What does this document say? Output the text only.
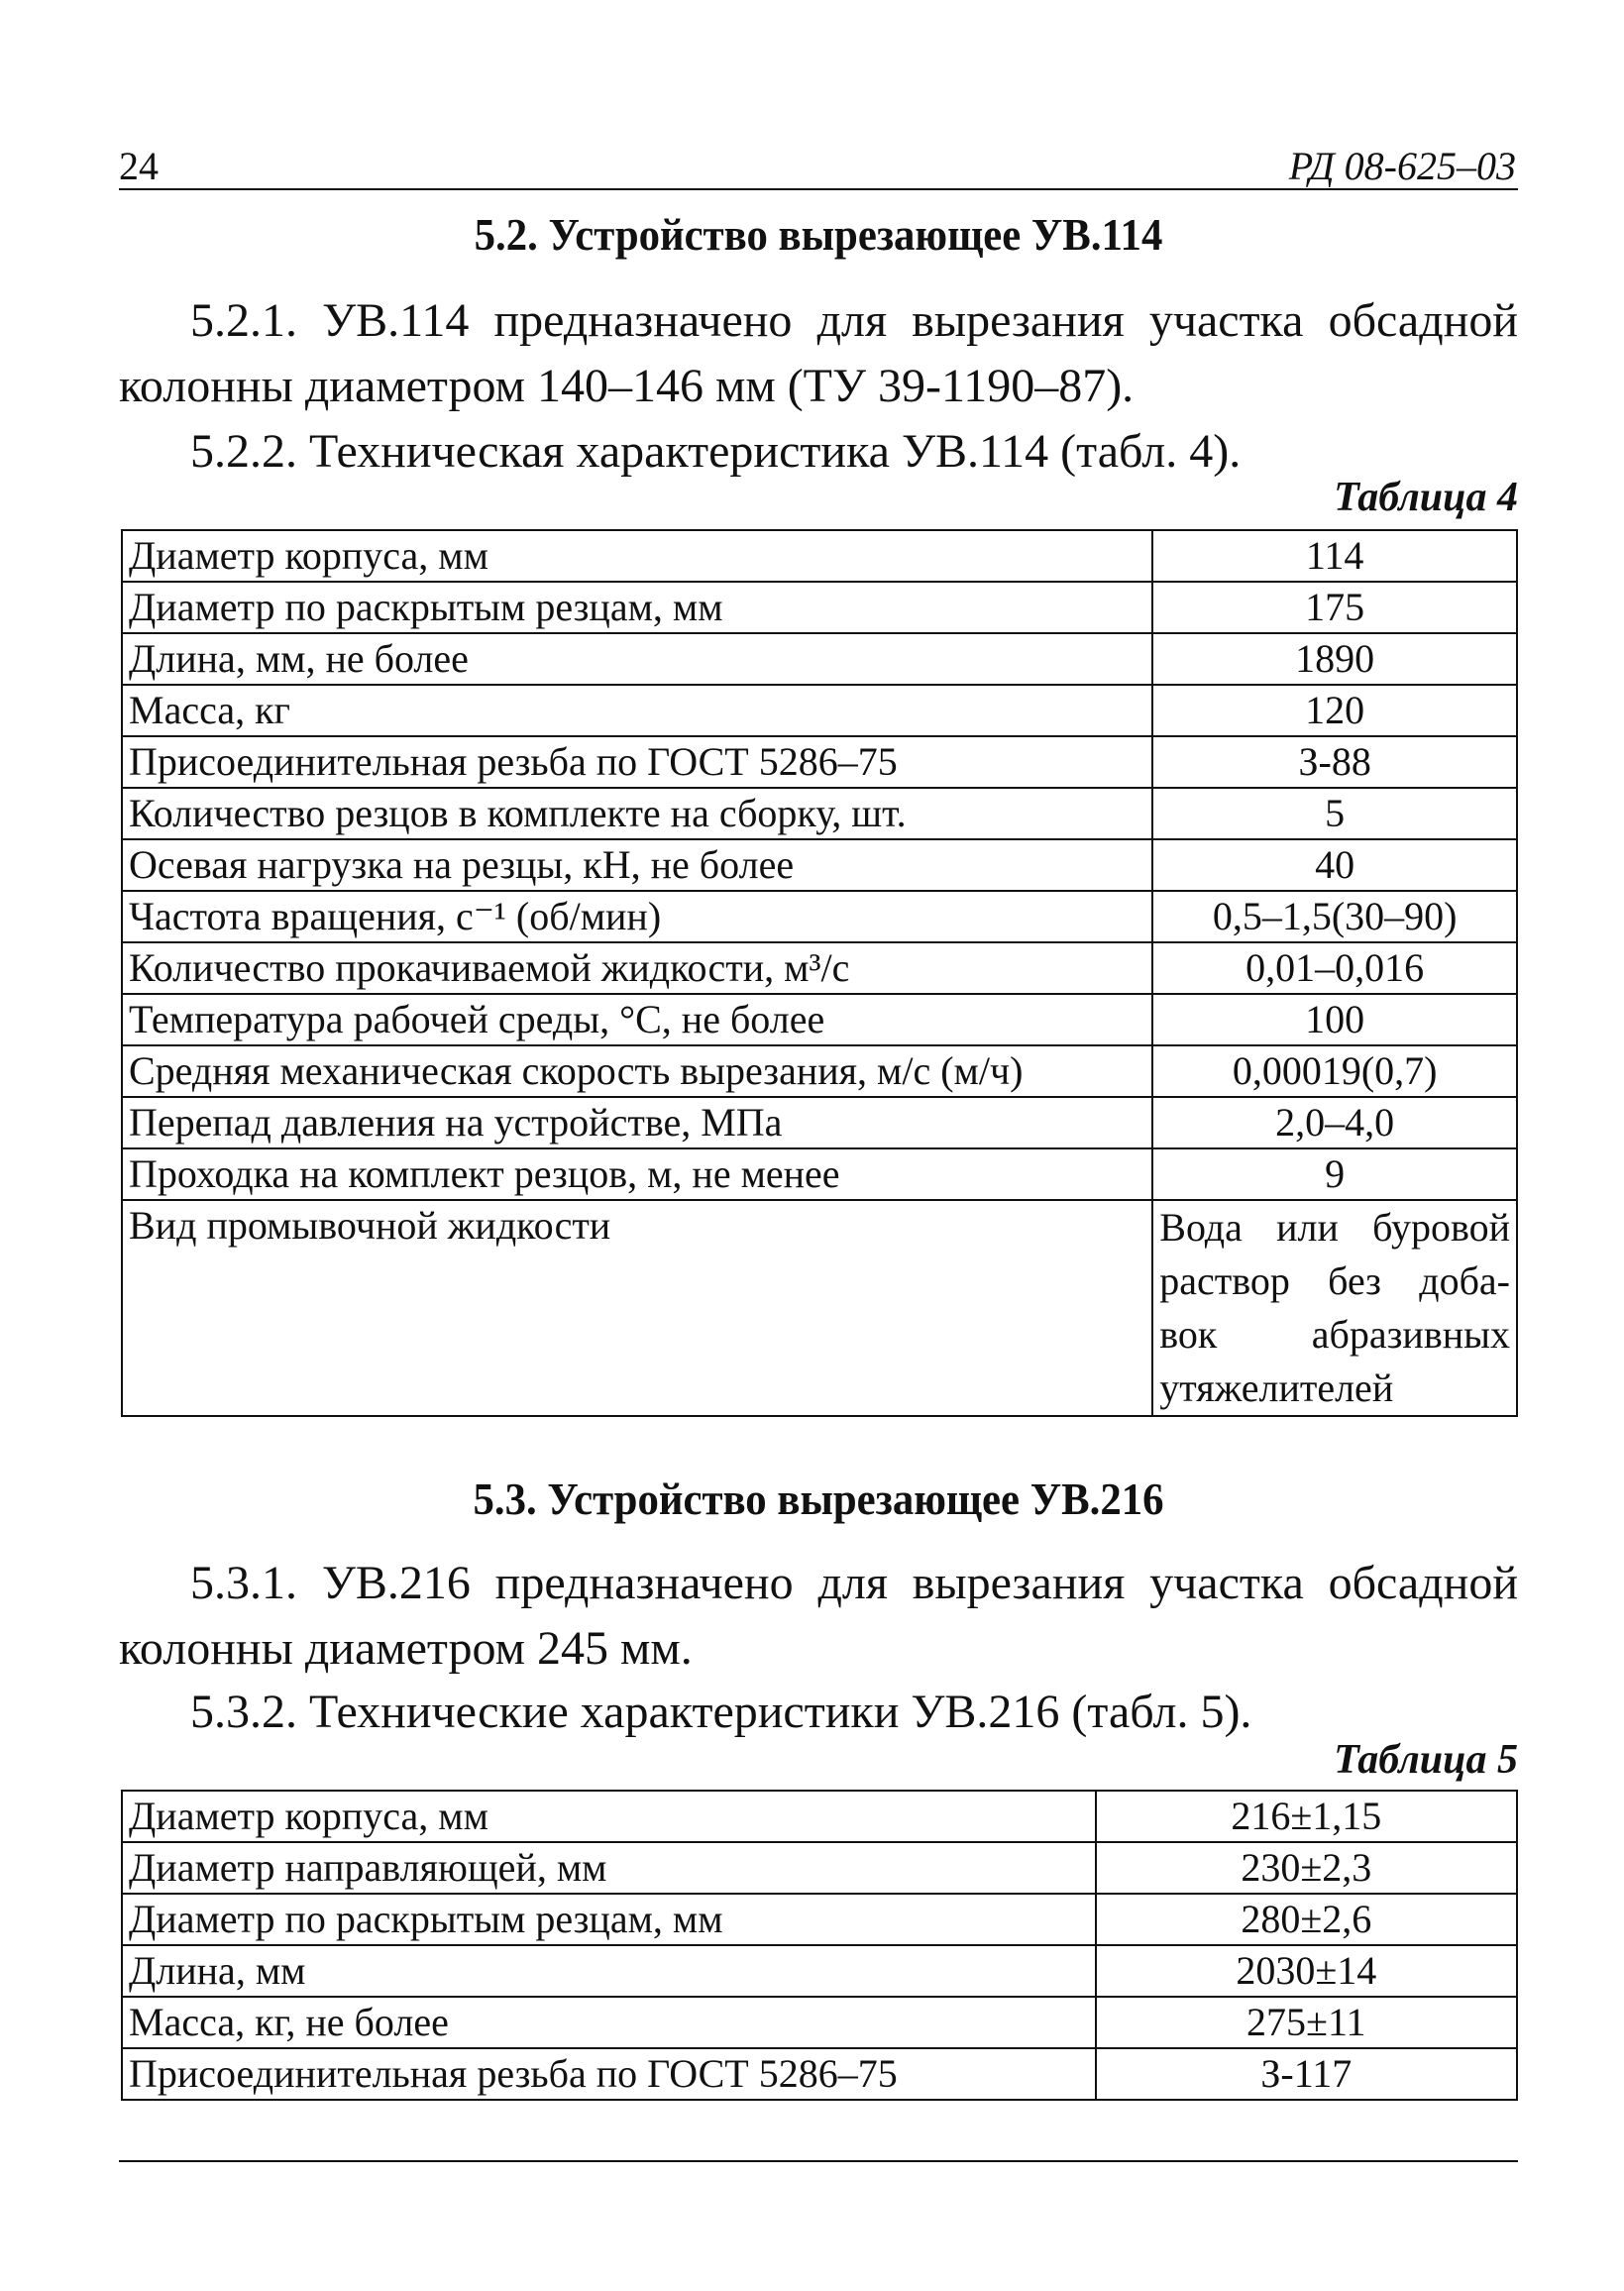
24	РД 08-625–03
5.2. Устройство вырезающее УВ.114
5.2.1. УВ.114 предназначено для вырезания участка обсадной
колонны диаметром 140–146 мм (ТУ 39-1190–87).
5.2.2. Техническая характеристика УВ.114 (табл. 4).
Таблица 4
Диаметр корпуса, мм	114
Диаметр по раскрытым резцам, мм	175
Длина, мм, не более	1890
Масса, кг	120
Присоединительная резьба по ГОСТ 5286–75	З-88
Количество резцов в комплекте на сборку, шт.	5
Осевая нагрузка на резцы, кН, не более	40
Частота вращения, с⁻¹ (об/мин)	0,5–1,5(30–90)
Количество прокачиваемой жидкости, м³/с	0,01–0,016
Температура рабочей среды, °С, не более	100
Средняя механическая скорость вырезания, м/с (м/ч)	0,00019(0,7)
Перепад давления на устройстве, МПа	2,0–4,0
Проходка на комплект резцов, м, не менее	9
Вид промывочной жидкости	Вода или буровой
раствор без доба-
вок абразивных
утяжелителей
5.3. Устройство вырезающее УВ.216
5.3.1. УВ.216 предназначено для вырезания участка обсадной
колонны диаметром 245 мм.
5.3.2. Технические характеристики УВ.216 (табл. 5).
Таблица 5
Диаметр корпуса, мм	216±1,15
Диаметр направляющей, мм	230±2,3
Диаметр по раскрытым резцам, мм	280±2,6
Длина, мм	2030±14
Масса, кг, не более	275±11
Присоединительная резьба по ГОСТ 5286–75	З-117
